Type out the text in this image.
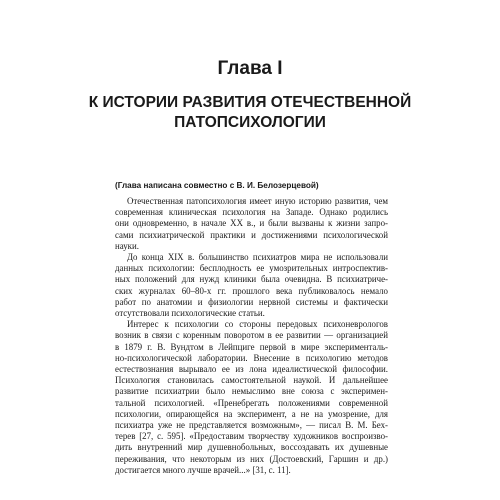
Глава I
К ИСТОРИИ РАЗВИТИЯ ОТЕЧЕСТВЕННОЙ
ПАТОПСИХОЛОГИИ
(Глава написана совместно с В. И. Белозерцевой)

Отечественная патопсихология имеет иную историю развития, чем
современная клиническая психология на Западе. Однако родились
они одновременно, в начале XX в., и были вызваны к жизни запро-
сами психиатрической практики и достижениями психологической
науки.

До конца XIX в. большинство психиатров мира не использовали
данных психологии: бесплодность ее умозрительных интроспектив-
ных положений для нужд клиники была очевидна. В психиатриче-
ских журналах 60–80-х гг. прошлого века публиковалось немало
работ по анатомии и физиологии нервной системы и фактически
отсутствовали психологические статьи.

Интерес к психологии со стороны передовых психоневрологов
возник в связи с коренным поворотом в ее развитии — организацией
в 1879 г. В. Вундтом в Лейпциге первой в мире эксперименталь-
но-психологической лаборатории. Внесение в психологию методов
естествознания вырывало ее из лона идеалистической философии.
Психология становилась самостоятельной наукой. И дальнейшее
развитие психиатрии было немыслимо вне союза с эксперимен-
тальной психологией. «Пренебрегать положениями современной
психологии, опирающейся на эксперимент, а не на умозрение, для
психиатра уже не представляется возможным», — писал В. М. Бех-
терев [27, с. 595]. «Предоставим творчеству художников воспроизво-
дить внутренний мир душевнобольных, воссоздавать их душевные
переживания, что некоторым из них (Достоевский, Гаршин и др.)
достигается много лучше врачей...» [31, с. 11].
